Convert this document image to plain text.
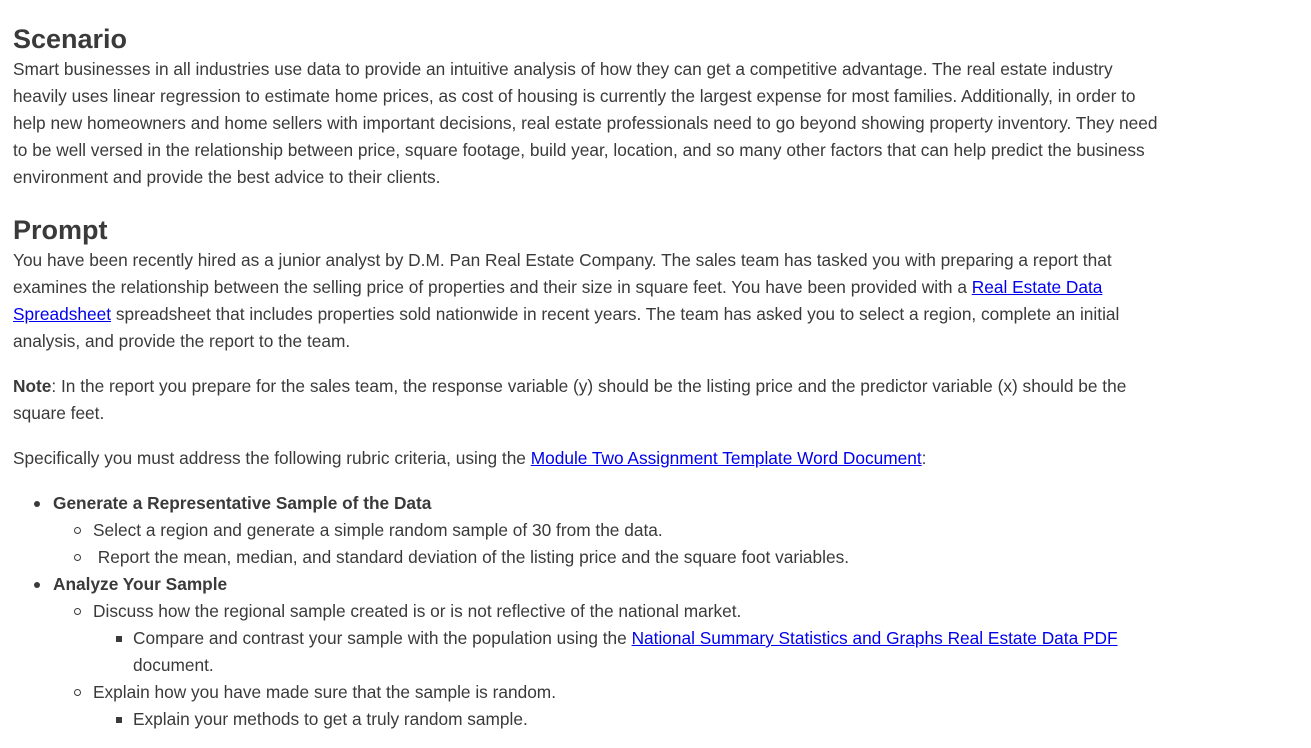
Scenario

Smart businesses in all industries use data to provide an intuitive analysis of how they can get a competitive advantage. The real estate industry heavily uses linear regression to estimate home prices, as cost of housing is currently the largest expense for most families. Additionally, in order to help new homeowners and home sellers with important decisions, real estate professionals need to go beyond showing property inventory. They need to be well versed in the relationship between price, square footage, build year, location, and so many other factors that can help predict the business environment and provide the best advice to their clients.

Prompt

You have been recently hired as a junior analyst by D.M. Pan Real Estate Company. The sales team has tasked you with preparing a report that examines the relationship between the selling price of properties and their size in square feet. You have been provided with a Real Estate Data Spreadsheet spreadsheet that includes properties sold nationwide in recent years. The team has asked you to select a region, complete an initial analysis, and provide the report to the team.

Note: In the report you prepare for the sales team, the response variable (y) should be the listing price and the predictor variable (x) should be the square feet.

Specifically you must address the following rubric criteria, using the Module Two Assignment Template Word Document:

Generate a Representative Sample of the Data
Select a region and generate a simple random sample of 30 from the data.
Report the mean, median, and standard deviation of the listing price and the square foot variables.
Analyze Your Sample
Discuss how the regional sample created is or is not reflective of the national market.
Compare and contrast your sample with the population using the National Summary Statistics and Graphs Real Estate Data PDF
document.
Explain how you have made sure that the sample is random.
Explain your methods to get a truly random sample.
